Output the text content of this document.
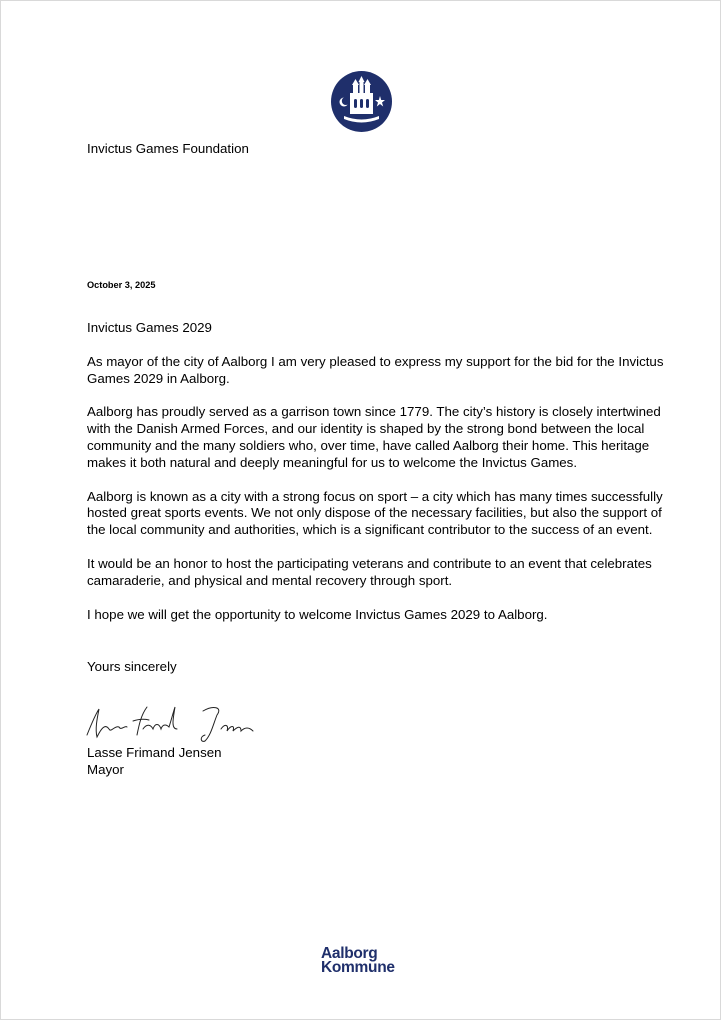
Invictus Games Foundation
October 3, 2025

Invictus Games 2029

As mayor of the city of Aalborg I am very pleased to express my support for the bid for the Invictus Games 2029 in Aalborg.

Aalborg has proudly served as a garrison town since 1779. The city’s history is closely intertwined with the Danish Armed Forces, and our identity is shaped by the strong bond between the local community and the many soldiers who, over time, have called Aalborg their home. This heritage makes it both natural and deeply meaningful for us to welcome the Invictus Games.

Aalborg is known as a city with a strong focus on sport – a city which has many times successfully hosted great sports events. We not only dispose of the necessary facilities, but also the support of the local community and authorities, which is a significant contributor to the success of an event.

It would be an honor to host the participating veterans and contribute to an event that celebrates camaraderie, and physical and mental recovery through sport.

I hope we will get the opportunity to welcome Invictus Games 2029 to Aalborg.

Yours sincerely
Lasse Frimand Jensen
Mayor
Aalborg
Kommune
